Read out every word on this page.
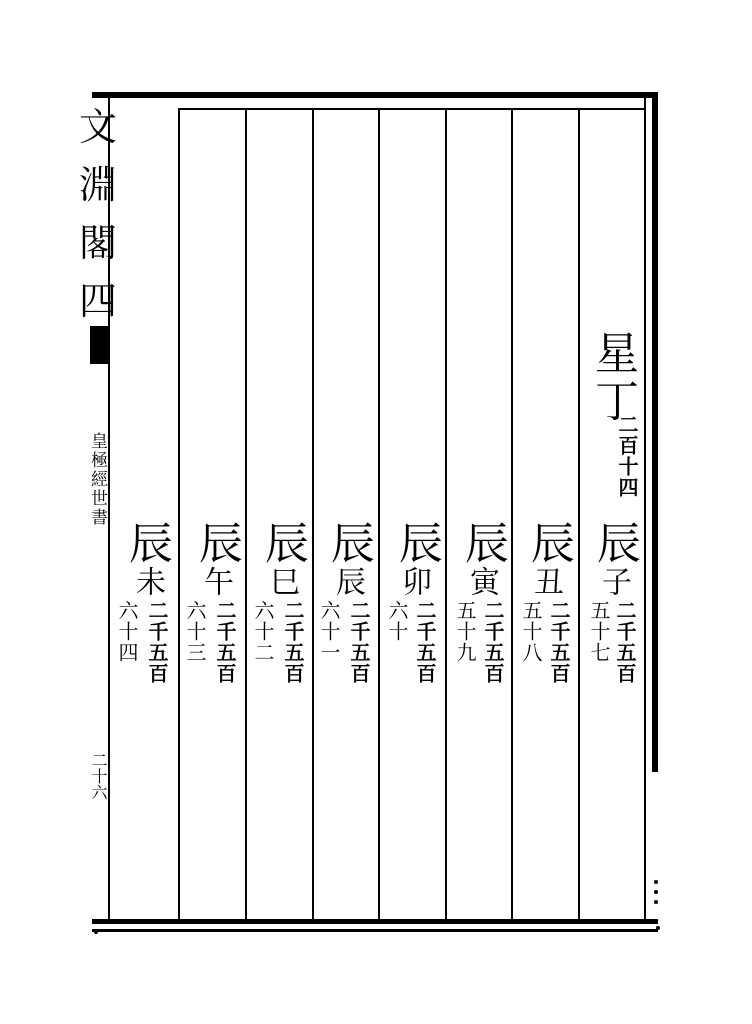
文
淵
閣
四
皇極經世書
二十六
星丁
二百十四
辰
子
二千五百
五十七
辰
丑
二千五百
五十八
辰
寅
二千五百
五十九
辰
卯
二千五百
六十
辰
辰
二千五百
六十一
辰
巳
二千五百
六十二
辰
午
二千五百
六十三
辰
未
二千五百
六十四
